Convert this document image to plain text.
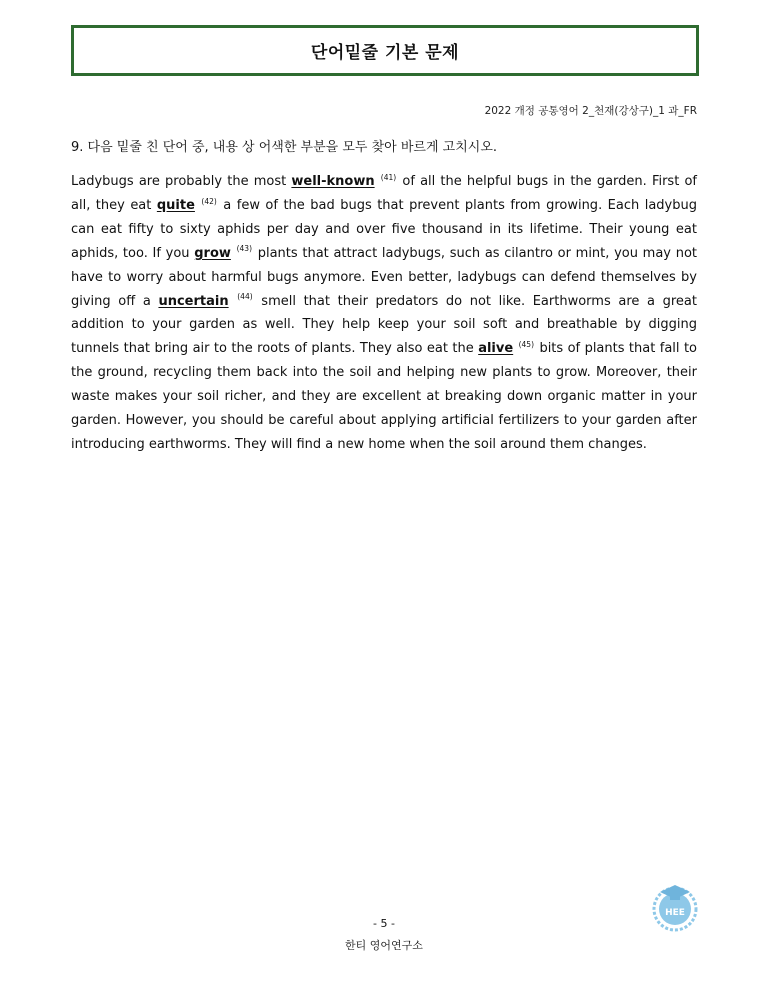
단어밑줄 기본 문제
2022 개정 공통영어 2_천재(강상구)_1 과_FR
9. 다음 밑줄 친 단어 중, 내용 상 어색한 부분을 모두 찾아 바르게 고치시오.
Ladybugs are probably the most well-known $^{(41)}$ of all the helpful bugs in the garden. First of all, they eat quite $^{(42)}$ a few of the bad bugs that prevent plants from growing. Each ladybug can eat fifty to sixty aphids per day and over five thousand in its lifetime. Their young eat aphids, too. If you grow $^{(43)}$ plants that attract ladybugs, such as cilantro or mint, you may not have to worry about harmful bugs anymore. Even better, ladybugs can defend themselves by giving off a uncertain $^{(44)}$ smell that their predators do not like. Earthworms are a great addition to your garden as well. They help keep your soil soft and breathable by digging tunnels that bring air to the roots of plants. They also eat the alive $^{(45)}$ bits of plants that fall to the ground, recycling them back into the soil and helping new plants to grow. Moreover, their waste makes your soil richer, and they are excellent at breaking down organic matter in your garden. However, you should be careful about applying artificial fertilizers to your garden after introducing earthworms. They will find a new home when the soil around them changes.
HEE
- 5 -
한티 영어연구소
